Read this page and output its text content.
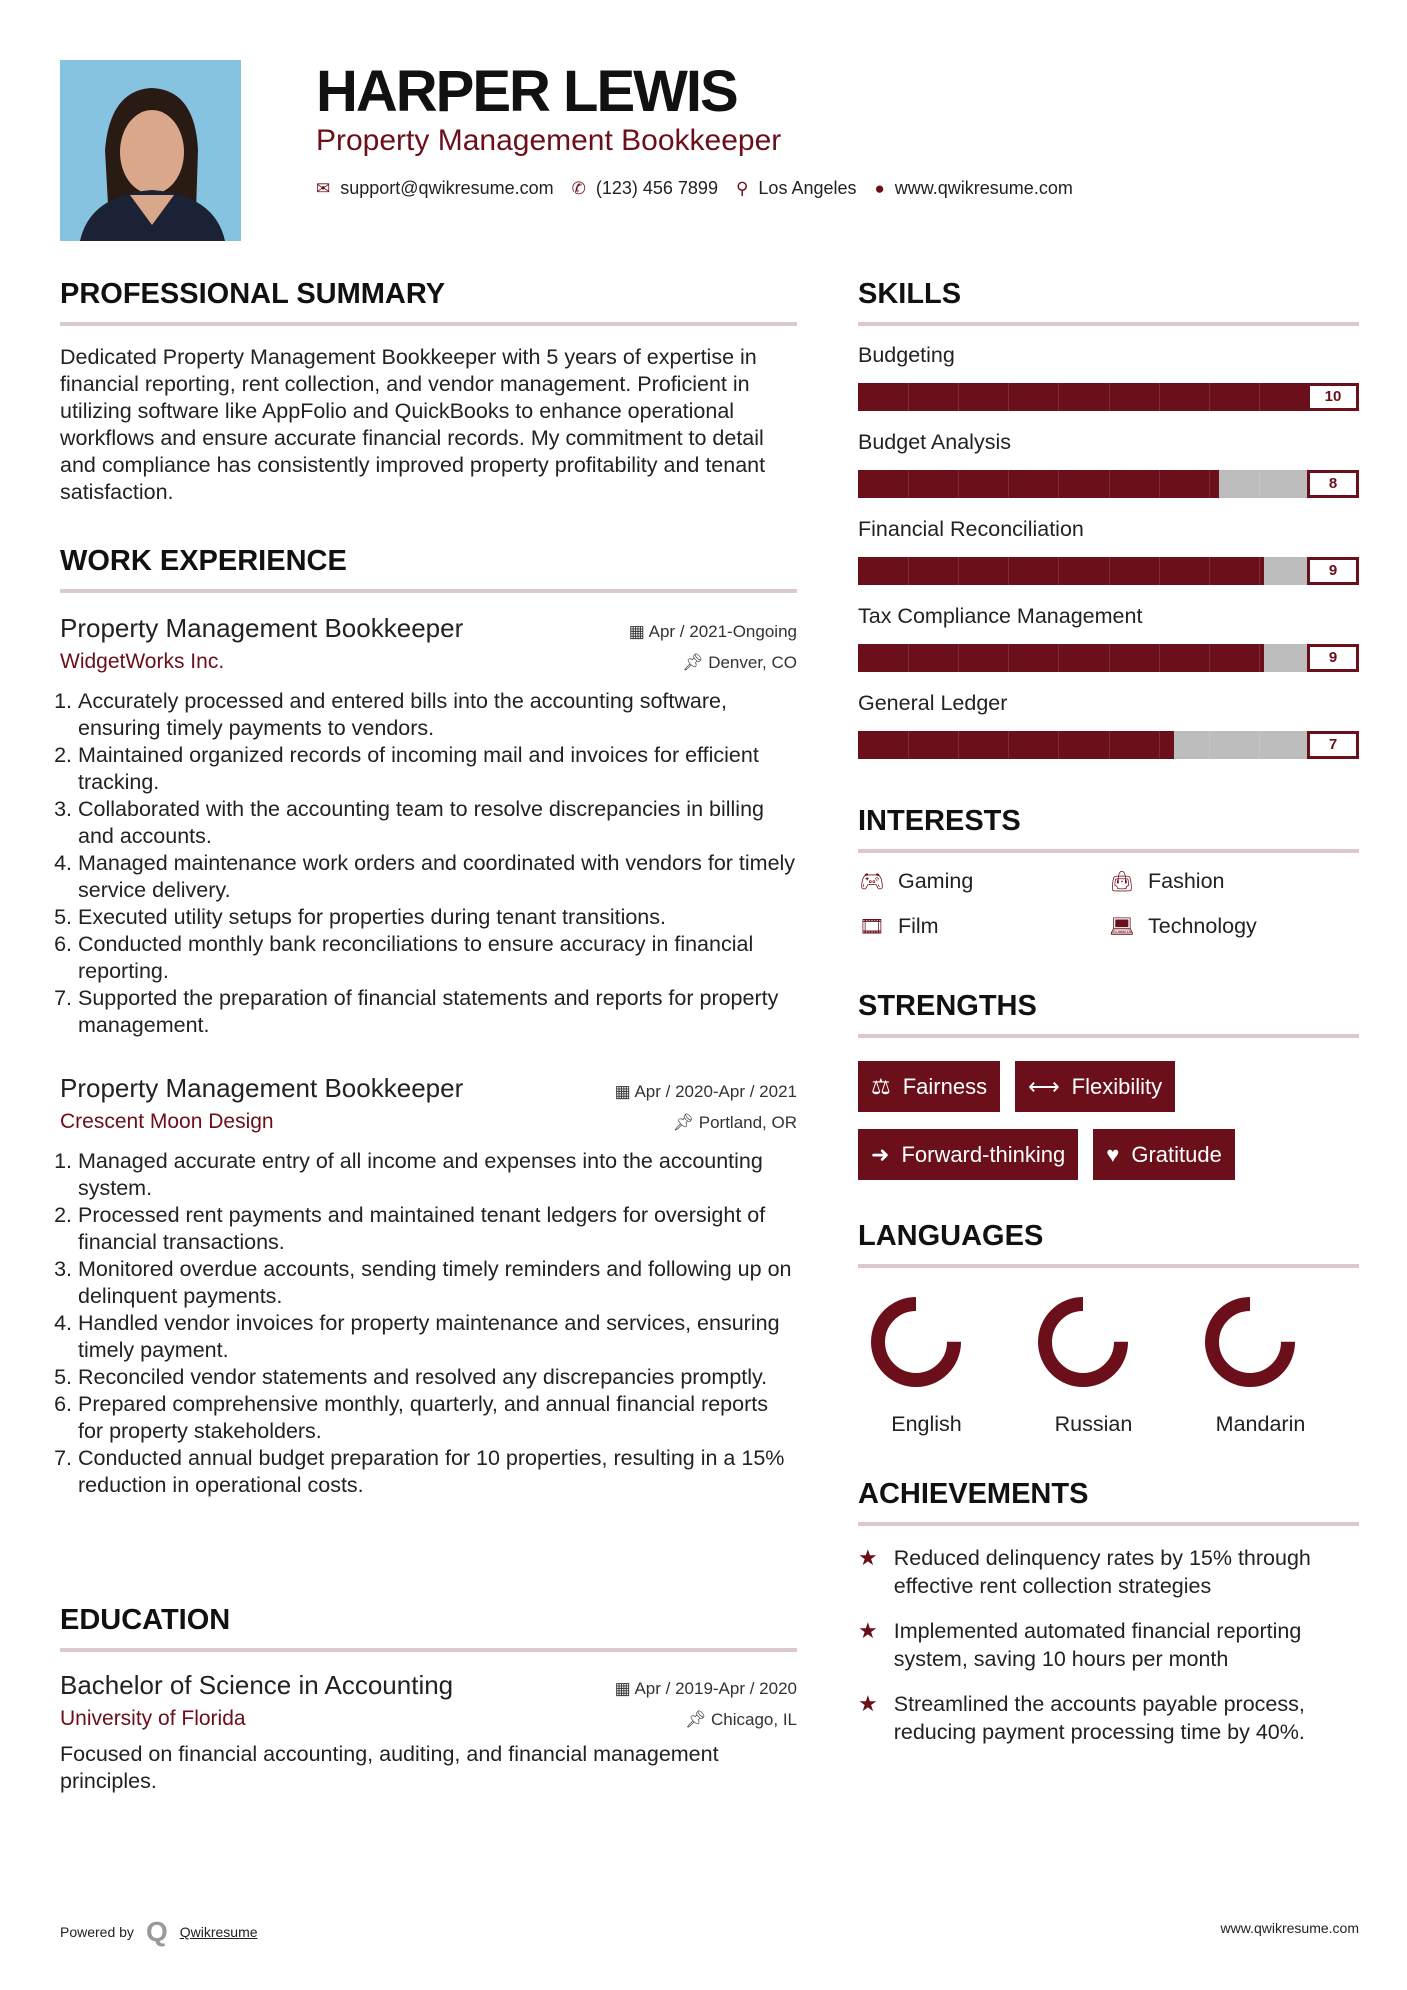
HARPER LEWIS
Property Management Bookkeeper
✉ support@qwikresume.com ✆ (123) 456 7899 ⚲ Los Angeles ● www.qwikresume.com
PROFESSIONAL SUMMARY
Dedicated Property Management Bookkeeper with 5 years of expertise in financial reporting, rent collection, and vendor management. Proficient in utilizing software like AppFolio and QuickBooks to enhance operational workflows and ensure accurate financial records. My commitment to detail and compliance has consistently improved property profitability and tenant satisfaction.
WORK EXPERIENCE
Property Management Bookkeeper	▦ Apr / 2021-Ongoing
WidgetWorks Inc.	📌︎ Denver, CO
1. Accurately processed and entered bills into the accounting software, ensuring timely payments to vendors.
2. Maintained organized records of incoming mail and invoices for efficient tracking.
3. Collaborated with the accounting team to resolve discrepancies in billing and accounts.
4. Managed maintenance work orders and coordinated with vendors for timely service delivery.
5. Executed utility setups for properties during tenant transitions.
6. Conducted monthly bank reconciliations to ensure accuracy in financial reporting.
7. Supported the preparation of financial statements and reports for property management.
Property Management Bookkeeper	▦ Apr / 2020-Apr / 2021
Crescent Moon Design	📌︎ Portland, OR
1. Managed accurate entry of all income and expenses into the accounting system.
2. Processed rent payments and maintained tenant ledgers for oversight of financial transactions.
3. Monitored overdue accounts, sending timely reminders and following up on delinquent payments.
4. Handled vendor invoices for property maintenance and services, ensuring timely payment.
5. Reconciled vendor statements and resolved any discrepancies promptly.
6. Prepared comprehensive monthly, quarterly, and annual financial reports for property stakeholders.
7. Conducted annual budget preparation for 10 properties, resulting in a 15% reduction in operational costs.
EDUCATION
Bachelor of Science in Accounting	▦ Apr / 2019-Apr / 2020
University of Florida	📌︎ Chicago, IL
Focused on financial accounting, auditing, and financial management principles.
SKILLS
Budgeting
10
Budget Analysis
8
Financial Reconciliation
9
Tax Compliance Management
9
General Ledger
7
INTERESTS
🎮︎ Gaming	👜︎ Fashion
🎞︎ Film	💻︎ Technology
STRENGTHS
⚖ Fairness ⟷ Flexibility
➜ Forward-thinking ♥ Gratitude
LANGUAGES
English	Russian	Mandarin
ACHIEVEMENTS
★ Reduced delinquency rates by 15% through effective rent collection strategies
★ Implemented automated financial reporting system, saving 10 hours per month
★ Streamlined the accounts payable process, reducing payment processing time by 40%.
Powered by Q Qwikresume	www.qwikresume.com
